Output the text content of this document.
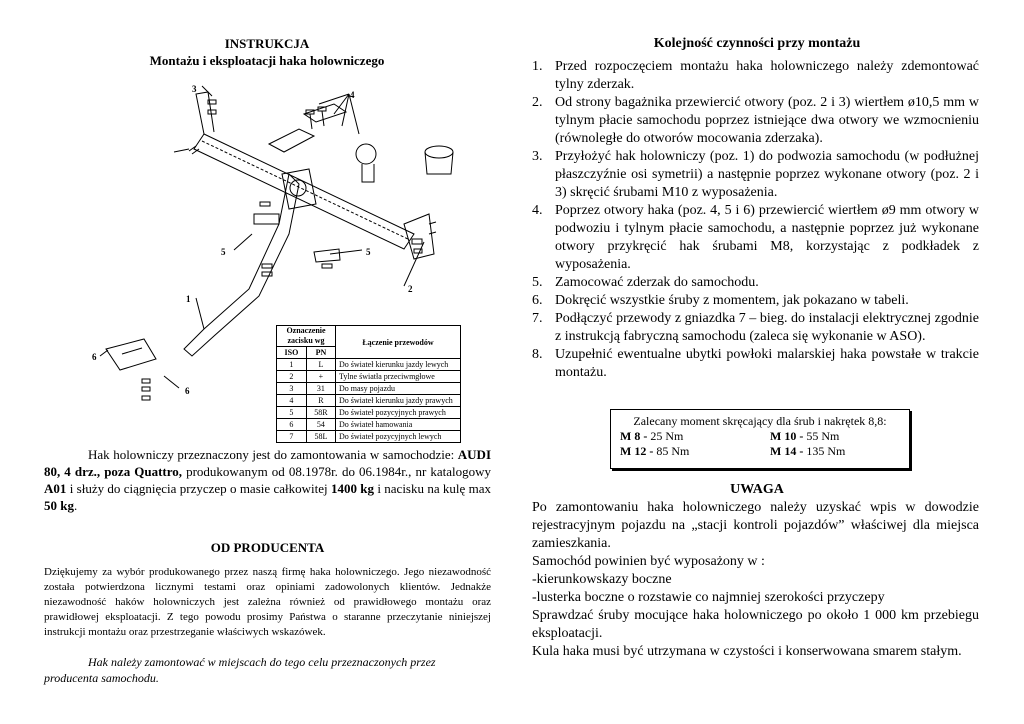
INSTRUKCJA
Montażu i eksploatacji haka holowniczego
3
4
5	5
2
1
6
6
Oznaczenie zacisku wg		Łączenie przewodów
ISO	PN	
1	L	Do świateł kierunku jazdy lewych
2	+	Tylne światła przeciwmgłowe
3	31	Do masy pojazdu
4	R	Do świateł kierunku jazdy prawych
5	58R	Do świateł pozycyjnych prawych
6	54	Do świateł hamowania
7	58L	Do świateł pozycyjnych lewych
Hak holowniczy przeznaczony jest do zamontowania w samochodzie: AUDI 80, 4 drz., poza Quattro, produkowanym od 08.1978r. do 06.1984r., nr katalogowy A01 i służy do ciągnięcia przyczep o masie całkowitej 1400 kg i nacisku na kulę max 50 kg.
OD PRODUCENTA
Dziękujemy za wybór produkowanego przez naszą firmę haka holowniczego. Jego niezawodność została potwierdzona licznymi testami oraz opiniami zadowolonych klientów. Jednakże niezawodność haków holowniczych jest zależna również od prawidłowego montażu oraz prawidłowej eksploatacji. Z tego powodu prosimy Państwa o staranne przeczytanie niniejszej instrukcji montażu oraz przestrzeganie właściwych wskazówek.
Hak należy zamontować w miejscach do tego celu przeznaczonych przez producenta samochodu.
Kolejność czynności przy montażu
1. Przed rozpoczęciem montażu haka holowniczego należy zdemontować tylny zderzak.
2. Od strony bagażnika przewiercić otwory (poz. 2 i 3) wiertłem ø10,5 mm w tylnym płacie samochodu poprzez istniejące dwa otwory we wzmocnieniu (równoległe do otworów mocowania zderzaka).
3. Przyłożyć hak holowniczy (poz. 1) do podwozia samochodu (w podłużnej płaszczyźnie osi symetrii) a następnie poprzez wykonane otwory (poz. 2 i 3) skręcić śrubami M10 z wyposażenia.
4. Poprzez otwory haka (poz. 4, 5 i 6) przewiercić wiertłem ø9 mm otwory w podwoziu i tylnym płacie samochodu, a następnie poprzez już wykonane otwory przykręcić hak śrubami M8, korzystając z podkładek z wyposażenia.
5. Zamocować zderzak do samochodu.
6. Dokręcić wszystkie śruby z momentem, jak pokazano w tabeli.
7. Podłączyć przewody z gniazdka 7 – bieg. do instalacji elektrycznej zgodnie z instrukcją fabryczną samochodu (zaleca się wykonanie w ASO).
8. Uzupełnić ewentualne ubytki powłoki malarskiej haka powstałe w trakcie montażu.
Zalecany moment skręcający dla śrub i nakrętek 8,8:
M 8 - 25 Nm	M 10 - 55 Nm
M 12 - 85 Nm	M 14 - 135 Nm
UWAGA

Po zamontowaniu haka holowniczego należy uzyskać wpis w dowodzie rejestracyjnym pojazdu na „stacji kontroli pojazdów” właściwej dla miejsca zamieszkania.

Samochód powinien być wyposażony w :

-kierunkowskazy boczne

-lusterka boczne o rozstawie co najmniej szerokości przyczepy

Sprawdzać śruby mocujące haka holowniczego po około 1 000 km przebiegu eksploatacji.

Kula haka musi być utrzymana w czystości i konserwowana smarem stałym.
